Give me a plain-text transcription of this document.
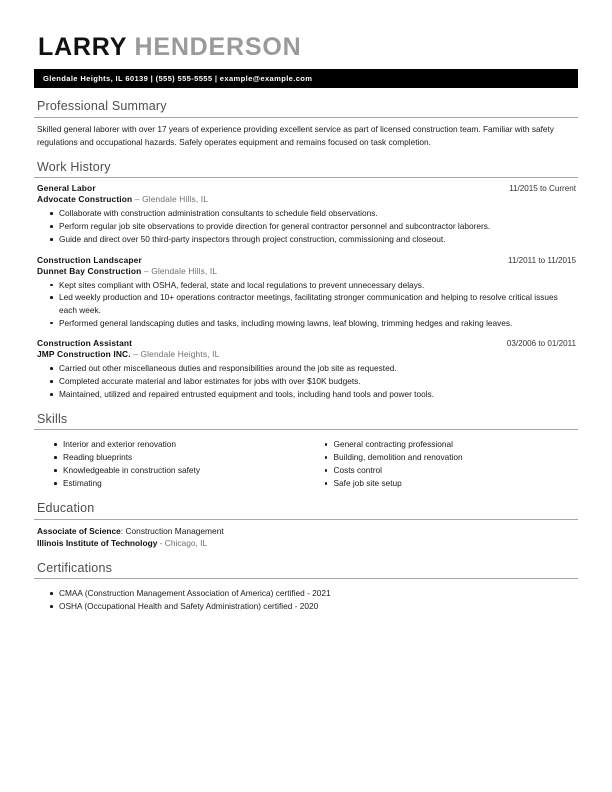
LARRY HENDERSON
Glendale Heights, IL 60139 | (555) 555-5555 | example@example.com
Professional Summary
Skilled general laborer with over 17 years of experience providing excellent service as part of licensed construction team. Familiar with safety regulations and occupational hazards. Safely operates equipment and remains focused on task completion.
Work History
General Labor	11/2015 to Current
Advocate Construction – Glendale Hills, IL
Collaborate with construction administration consultants to schedule field observations.
Perform regular job site observations to provide direction for general contractor personnel and subcontractor laborers.
Guide and direct over 50 third-party inspectors through project construction, commissioning and closeout.
Construction Landscaper	11/2011 to 11/2015
Dunnet Bay Construction – Glendale Hills, IL
Kept sites compliant with OSHA, federal, state and local regulations to prevent unnecessary delays.
Led weekly production and 10+ operations contractor meetings, facilitating stronger communication and helping to resolve critical issues each week.
Performed general landscaping duties and tasks, including mowing lawns, leaf blowing, trimming hedges and raking leaves.
Construction Assistant	03/2006 to 01/2011
JMP Construction INC. – Glendale Heights, IL
Carried out other miscellaneous duties and responsibilities around the job site as requested.
Completed accurate material and labor estimates for jobs with over $10K budgets.
Maintained, utilized and repaired entrusted equipment and tools, including hand tools and power tools.
Skills
Interior and exterior renovation
Reading blueprints
Knowledgeable in construction safety
Estimating
General contracting professional
Building, demolition and renovation
Costs control
Safe job site setup
Education
Associate of Science: Construction Management
Illinois Institute of Technology - Chicago, IL
Certifications
CMAA (Construction Management Association of America) certified - 2021
OSHA (Occupational Health and Safety Administration) certified - 2020
